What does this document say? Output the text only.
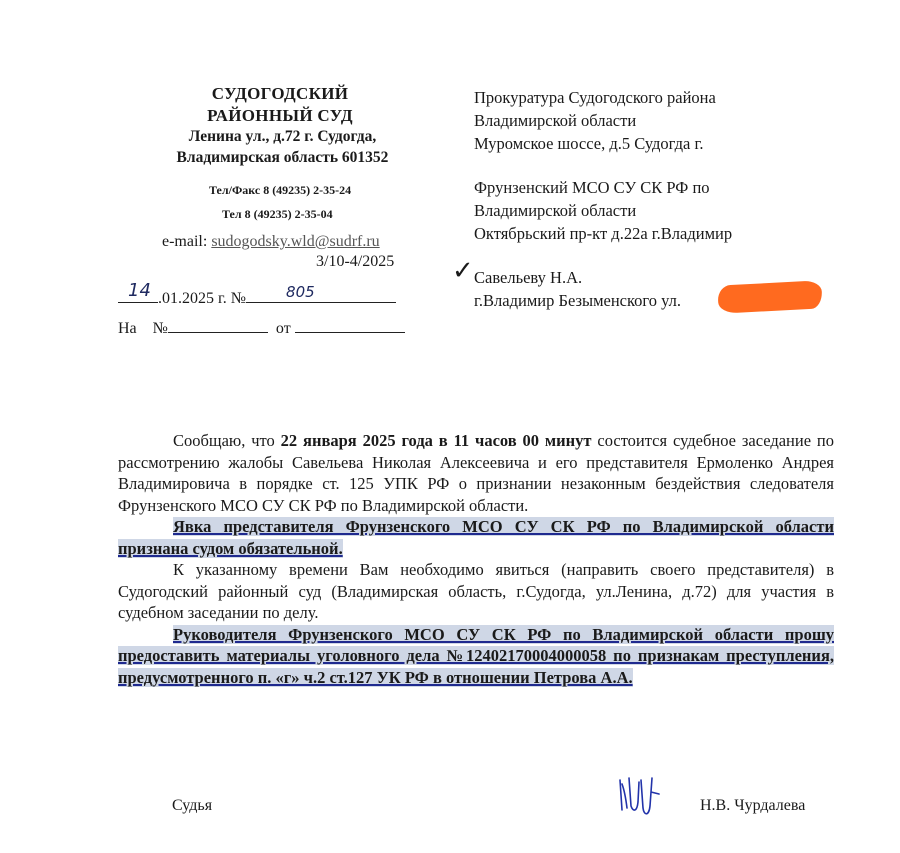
СУДОГОДСКИЙ
РАЙОННЫЙ СУД
Ленина ул., д.72 г. Судогда,
Владимирская область 601352
Тел/Факс 8 (49235) 2-35-24
Тел 8 (49235) 2-35-04
e-mail: sudogodsky.wld@sudrf.ru
3/10-4/2025
14 .01.2025 г. №	805
На №	от
Прокуратура Судогодского района
Владимирской области
Муромское шоссе, д.5 Судогда г.
Фрунзенский МСО СУ СК РФ по
Владимирской области
Октябрьский пр-кт д.22а г.Владимир
✓ Савельеву Н.А.
г.Владимир Безыменского ул.

Сообщаю, что 22 января 2025 года в 11 часов 00 минут состоится судебное заседание по рассмотрению жалобы Савельева Николая Алексеевича и его представителя Ермоленко Андрея Владимировича в порядке ст. 125 УПК РФ о признании незаконным бездействия следователя Фрунзенского МСО СУ СК РФ по Владимирской области.

Явка представителя Фрунзенского МСО СУ СК РФ по Владимирской области признана судом обязательной.

К указанному времени Вам необходимо явиться (направить своего представителя) в Судогодский районный суд (Владимирская область, г.Судогда, ул.Ленина, д.72) для участия в судебном заседании по делу.

Руководителя Фрунзенского МСО СУ СК РФ по Владимирской области прошу предоставить материалы уголовного дела №12402170004000058 по признакам преступления, предусмотренного п. «г» ч.2 ст.127 УК РФ в отношении Петрова А.А.

Судья	Н.В. Чурдалева
